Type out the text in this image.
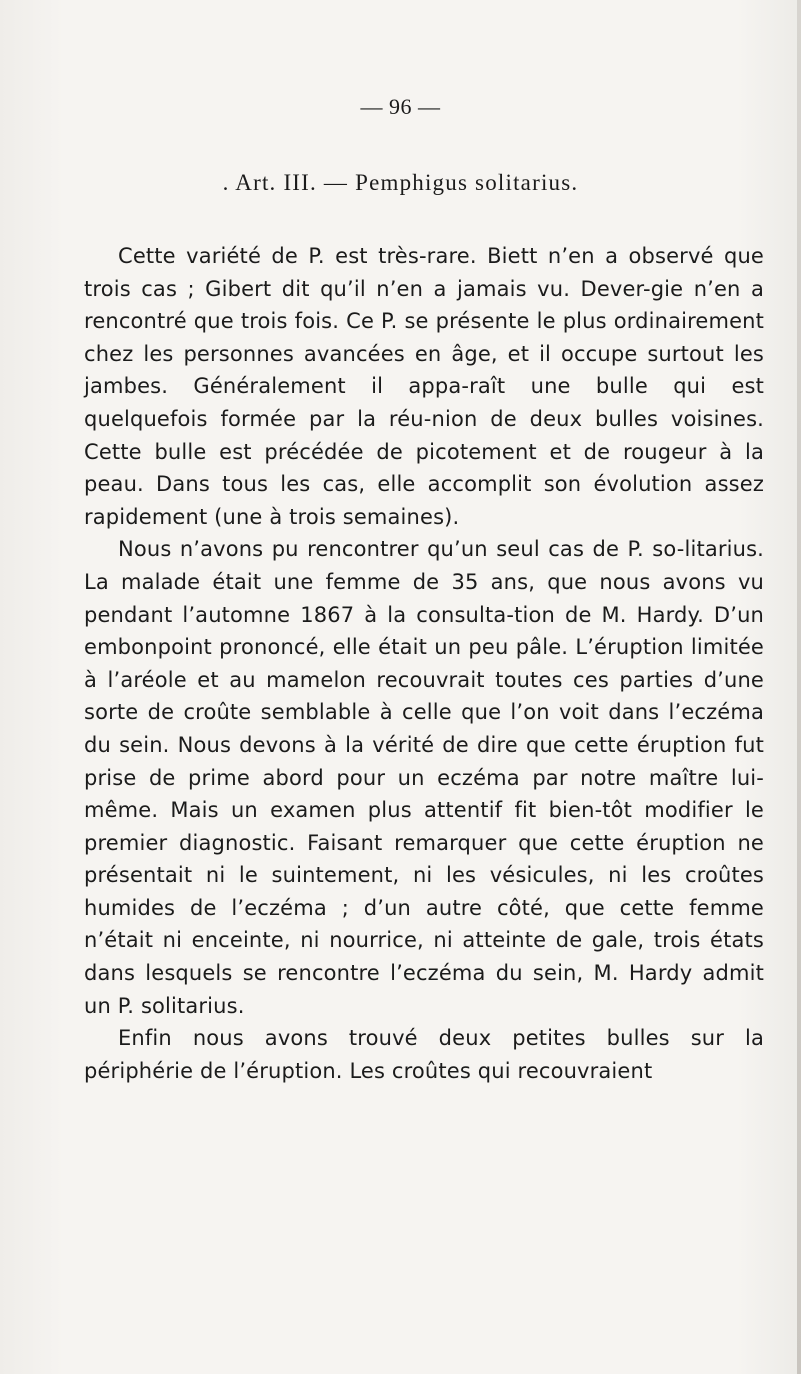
— 96 —
. Art. III. — Pemphigus solitarius.

Cette variété de P. est très-rare. Biett n’en a observé que trois cas ; Gibert dit qu’il n’en a jamais vu. Dever-gie n’en a rencontré que trois fois. Ce P. se présente le plus ordinairement chez les personnes avancées en âge, et il occupe surtout les jambes. Généralement il appa-raît une bulle qui est quelquefois formée par la réu-nion de deux bulles voisines. Cette bulle est précédée de picotement et de rougeur à la peau. Dans tous les cas, elle accomplit son évolution assez rapidement (une à trois semaines).

Nous n’avons pu rencontrer qu’un seul cas de P. so-litarius. La malade était une femme de 35 ans, que nous avons vu pendant l’automne 1867 à la consulta-tion de M. Hardy. D’un embonpoint prononcé, elle était un peu pâle. L’éruption limitée à l’aréole et au mamelon recouvrait toutes ces parties d’une sorte de croûte semblable à celle que l’on voit dans l’eczéma du sein. Nous devons à la vérité de dire que cette éruption fut prise de prime abord pour un eczéma par notre maître lui-même. Mais un examen plus attentif fit bien-tôt modifier le premier diagnostic. Faisant remarquer que cette éruption ne présentait ni le suintement, ni les vésicules, ni les croûtes humides de l’eczéma ; d’un autre côté, que cette femme n’était ni enceinte, ni nourrice, ni atteinte de gale, trois états dans lesquels se rencontre l’eczéma du sein, M. Hardy admit un P. solitarius.

Enfin nous avons trouvé deux petites bulles sur la périphérie de l’éruption. Les croûtes qui recouvraient
